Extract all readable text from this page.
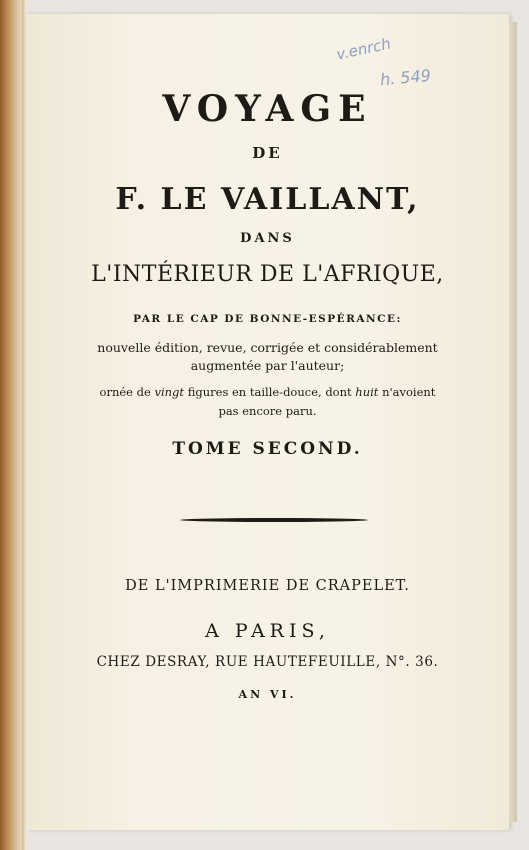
v.enrch
h. 549
VOYAGE
DE
F. LE VAILLANT,
DANS
L'INTÉRIEUR DE L'AFRIQUE,
PAR LE CAP DE BONNE-ESPÉRANCE:
nouvelle édition, revue, corrigée et considérablement
augmentée par l'auteur;
ornée de vingt figures en taille-douce, dont huit n'avoient
pas encore paru.
TOME SECOND.
DE L'IMPRIMERIE DE CRAPELET.
A PARIS,
CHEZ DESRAY, RUE HAUTEFEUILLE, N°. 36.
AN VI.
